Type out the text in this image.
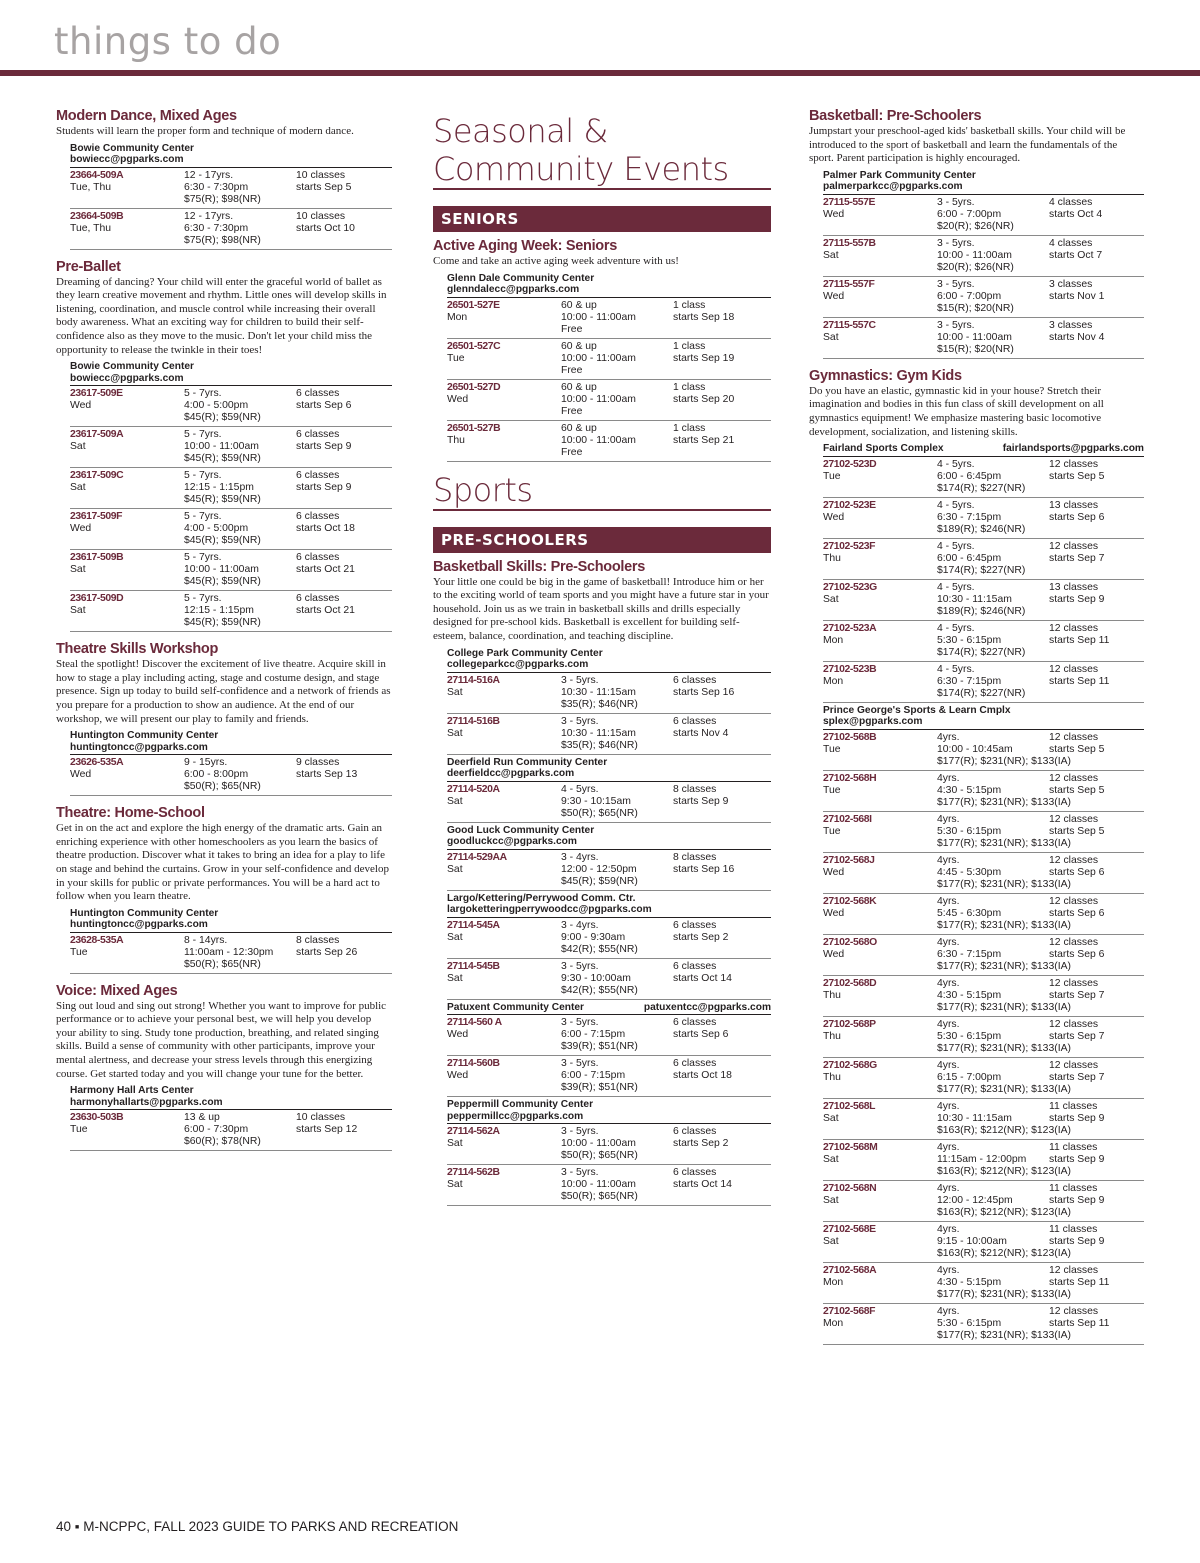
things to do
Modern Dance, Mixed Ages

Students will learn the proper form and technique of modern dance.

Bowie Community Center
bowiecc@pgparks.com
23664-509A	12 - 17yrs.	10 classes
Tue, Thu	6:30 - 7:30pm	starts Sep 5
$75(R); $98(NR)
23664-509B	12 - 17yrs.	10 classes
Tue, Thu	6:30 - 7:30pm	starts Oct 10
$75(R); $98(NR)
Pre-Ballet

Dreaming of dancing? Your child will enter the graceful world of ballet as they learn creative movement and rhythm. Little ones will develop skills in listening, coordination, and muscle control while increasing their overall body awareness. What an exciting way for children to build their self-confidence also as they move to the music. Don't let your child miss the opportunity to release the twinkle in their toes!

Bowie Community Center
bowiecc@pgparks.com
23617-509E	5 - 7yrs.	6 classes
Wed	4:00 - 5:00pm	starts Sep 6
$45(R); $59(NR)
23617-509A	5 - 7yrs.	6 classes
Sat	10:00 - 11:00am	starts Sep 9
$45(R); $59(NR)
23617-509C	5 - 7yrs.	6 classes
Sat	12:15 - 1:15pm	starts Sep 9
$45(R); $59(NR)
23617-509F	5 - 7yrs.	6 classes
Wed	4:00 - 5:00pm	starts Oct 18
$45(R); $59(NR)
23617-509B	5 - 7yrs.	6 classes
Sat	10:00 - 11:00am	starts Oct 21
$45(R); $59(NR)
23617-509D	5 - 7yrs.	6 classes
Sat	12:15 - 1:15pm	starts Oct 21
$45(R); $59(NR)
Theatre Skills Workshop

Steal the spotlight! Discover the excitement of live theatre. Acquire skill in how to stage a play including acting, stage and costume design, and stage presence. Sign up today to build self-confidence and a network of friends as you prepare for a production to show an audience. At the end of our workshop, we will present our play to family and friends.

Huntington Community Center
huntingtoncc@pgparks.com
23626-535A	9 - 15yrs.	9 classes
Wed	6:00 - 8:00pm	starts Sep 13
$50(R); $65(NR)
Theatre: Home-School

Get in on the act and explore the high energy of the dramatic arts. Gain an enriching experience with other homeschoolers as you learn the basics of theatre production. Discover what it takes to bring an idea for a play to life on stage and behind the curtains. Grow in your self-confidence and develop in your skills for public or private performances. You will be a hard act to follow when you learn theatre.

Huntington Community Center
huntingtoncc@pgparks.com
23628-535A	8 - 14yrs.	8 classes
Tue	11:00am - 12:30pm	starts Sep 26
$50(R); $65(NR)
Voice: Mixed Ages

Sing out loud and sing out strong! Whether you want to improve for public performance or to achieve your personal best, we will help you develop your ability to sing. Study tone production, breathing, and related singing skills. Build a sense of community with other participants, improve your mental alertness, and decrease your stress levels through this energizing course. Get started today and you will change your tune for the better.

Harmony Hall Arts Center
harmonyhallarts@pgparks.com
23630-503B	13 & up	10 classes
Tue	6:00 - 7:30pm	starts Sep 12
$60(R); $78(NR)
Seasonal &
Community Events
SENIORS
Active Aging Week: Seniors

Come and take an active aging week adventure with us!

Glenn Dale Community Center
glenndalecc@pgparks.com
26501-527E	60 & up	1 class
Mon	10:00 - 11:00am	starts Sep 18
Free
26501-527C	60 & up	1 class
Tue	10:00 - 11:00am	starts Sep 19
Free
26501-527D	60 & up	1 class
Wed	10:00 - 11:00am	starts Sep 20
Free
26501-527B	60 & up	1 class
Thu	10:00 - 11:00am	starts Sep 21
Free
Sports
PRE-SCHOOLERS
Basketball Skills: Pre-Schoolers

Your little one could be big in the game of basketball! Introduce him or her to the exciting world of team sports and you might have a future star in your household. Join us as we train in basketball skills and drills especially designed for pre-school kids. Basketball is excellent for building self-esteem, balance, coordination, and teaching discipline.

College Park Community Center
collegeparkcc@pgparks.com
27114-516A	3 - 5yrs.	6 classes
Sat	10:30 - 11:15am	starts Sep 16
$35(R); $46(NR)
27114-516B	3 - 5yrs.	6 classes
Sat	10:30 - 11:15am	starts Nov 4
$35(R); $46(NR)
Deerfield Run Community Center
deerfieldcc@pgparks.com
27114-520A	4 - 5yrs.	8 classes
Sat	9:30 - 10:15am	starts Sep 9
$50(R); $65(NR)
Good Luck Community Center
goodluckcc@pgparks.com
27114-529AA	3 - 4yrs.	8 classes
Sat	12:00 - 12:50pm	starts Sep 16
$45(R); $59(NR)
Largo/Kettering/Perrywood Comm. Ctr.
largoketteringperrywoodcc@pgparks.com
27114-545A	3 - 4yrs.	6 classes
Sat	9:00 - 9:30am	starts Sep 2
$42(R); $55(NR)
27114-545B	3 - 5yrs.	6 classes
Sat	9:30 - 10:00am	starts Oct 14
$42(R); $55(NR)
Patuxent Community Center	patuxentcc@pgparks.com
27114-560 A	3 - 5yrs.	6 classes
Wed	6:00 - 7:15pm	starts Sep 6
$39(R); $51(NR)
27114-560B	3 - 5yrs.	6 classes
Wed	6:00 - 7:15pm	starts Oct 18
$39(R); $51(NR)
Peppermill Community Center
peppermillcc@pgparks.com
27114-562A	3 - 5yrs.	6 classes
Sat	10:00 - 11:00am	starts Sep 2
$50(R); $65(NR)
27114-562B	3 - 5yrs.	6 classes
Sat	10:00 - 11:00am	starts Oct 14
$50(R); $65(NR)
Basketball: Pre-Schoolers

Jumpstart your preschool-aged kids' basketball skills. Your child will be introduced to the sport of basketball and learn the fundamentals of the sport. Parent participation is highly encouraged.

Palmer Park Community Center
palmerparkcc@pgparks.com
27115-557E	3 - 5yrs.	4 classes
Wed	6:00 - 7:00pm	starts Oct 4
$20(R); $26(NR)
27115-557B	3 - 5yrs.	4 classes
Sat	10:00 - 11:00am	starts Oct 7
$20(R); $26(NR)
27115-557F	3 - 5yrs.	3 classes
Wed	6:00 - 7:00pm	starts Nov 1
$15(R); $20(NR)
27115-557C	3 - 5yrs.	3 classes
Sat	10:00 - 11:00am	starts Nov 4
$15(R); $20(NR)
Gymnastics: Gym Kids

Do you have an elastic, gymnastic kid in your house? Stretch their imagination and bodies in this fun class of skill development on all gymnastics equipment! We emphasize mastering basic locomotive development, socialization, and listening skills.

Fairland Sports Complex	fairlandsports@pgparks.com
27102-523D	4 - 5yrs.	12 classes
Tue	6:00 - 6:45pm	starts Sep 5
$174(R); $227(NR)
27102-523E	4 - 5yrs.	13 classes
Wed	6:30 - 7:15pm	starts Sep 6
$189(R); $246(NR)
27102-523F	4 - 5yrs.	12 classes
Thu	6:00 - 6:45pm	starts Sep 7
$174(R); $227(NR)
27102-523G	4 - 5yrs.	13 classes
Sat	10:30 - 11:15am	starts Sep 9
$189(R); $246(NR)
27102-523A	4 - 5yrs.	12 classes
Mon	5:30 - 6:15pm	starts Sep 11
$174(R); $227(NR)
27102-523B	4 - 5yrs.	12 classes
Mon	6:30 - 7:15pm	starts Sep 11
$174(R); $227(NR)
Prince George's Sports & Learn Cmplx
splex@pgparks.com
27102-568B	4yrs.	12 classes
Tue	10:00 - 10:45am	starts Sep 5
$177(R); $231(NR); $133(IA)
27102-568H	4yrs.	12 classes
Tue	4:30 - 5:15pm	starts Sep 5
$177(R); $231(NR); $133(IA)
27102-568I	4yrs.	12 classes
Tue	5:30 - 6:15pm	starts Sep 5
$177(R); $231(NR); $133(IA)
27102-568J	4yrs.	12 classes
Wed	4:45 - 5:30pm	starts Sep 6
$177(R); $231(NR); $133(IA)
27102-568K	4yrs.	12 classes
Wed	5:45 - 6:30pm	starts Sep 6
$177(R); $231(NR); $133(IA)
27102-568O	4yrs.	12 classes
Wed	6:30 - 7:15pm	starts Sep 6
$177(R); $231(NR); $133(IA)
27102-568D	4yrs.	12 classes
Thu	4:30 - 5:15pm	starts Sep 7
$177(R); $231(NR); $133(IA)
27102-568P	4yrs.	12 classes
Thu	5:30 - 6:15pm	starts Sep 7
$177(R); $231(NR); $133(IA)
27102-568G	4yrs.	12 classes
Thu	6:15 - 7:00pm	starts Sep 7
$177(R); $231(NR); $133(IA)
27102-568L	4yrs.	11 classes
Sat	10:30 - 11:15am	starts Sep 9
$163(R); $212(NR); $123(IA)
27102-568M	4yrs.	11 classes
Sat	11:15am - 12:00pm	starts Sep 9
$163(R); $212(NR); $123(IA)
27102-568N	4yrs.	11 classes
Sat	12:00 - 12:45pm	starts Sep 9
$163(R); $212(NR); $123(IA)
27102-568E	4yrs.	11 classes
Sat	9:15 - 10:00am	starts Sep 9
$163(R); $212(NR); $123(IA)
27102-568A	4yrs.	12 classes
Mon	4:30 - 5:15pm	starts Sep 11
$177(R); $231(NR); $133(IA)
27102-568F	4yrs.	12 classes
Mon	5:30 - 6:15pm	starts Sep 11
$177(R); $231(NR); $133(IA)
40 ▪ M-NCPPC, FALL 2023 GUIDE TO PARKS AND RECREATION
